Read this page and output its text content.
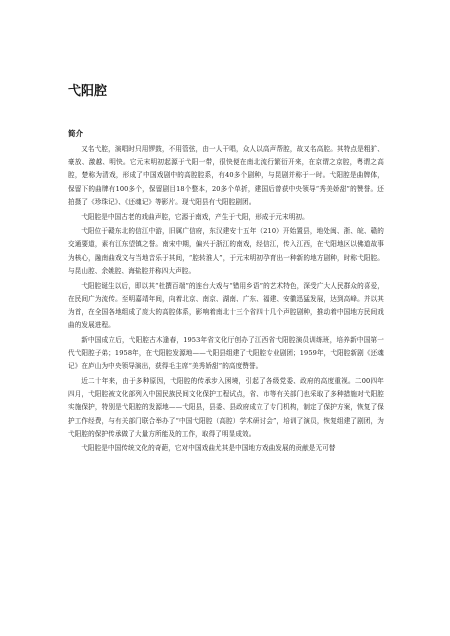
弋阳腔
简介

又名弋腔，演唱时只用锣鼓，不用管弦，由一人干唱，众人以高声帮腔，故又名高腔。其特点是粗犷、豪放、激越、明快。它元末明初起源于弋阳一带，很快便在南北流行繁衍开来，在京谓之京腔，粤谓之高腔，楚称为清戏，形成了中国戏剧中的高腔腔系，有40多个剧种，与昆剧并称于一时。弋阳腔是曲牌体，保留下的曲牌有100多个，保留剧目18个整本，20多个单折，建国后曾获中央领导“秀美娇甜”的赞誉。还拍摄了《珍珠记》、《还魂记》等影片。现弋阳县有弋阳腔剧团。

弋阳腔是中国古老的戏曲声腔，它源于南戏，产生于弋阳，形成于元末明初。

弋阳位于赣东北的信江中游，旧属广信府，东汉建安十五年（210）开始置县，地处闽、浙、皖、赣的交通要道，素有江东望镇之誉。南宋中期，偏兴于浙江的南戏，经信江，传入江西，在弋阳地区以佛道故事为核心，融南曲戏文与当地音乐于其间，“腔转淮人”，于元末明初孕育出一种新的地方剧种，时称弋阳腔。与昆山腔、余姚腔、海盐腔并称四大声腔。

弋阳腔诞生以后，即以其“杜撰百端”的连台大戏与“错用乡语”的艺术特色，深受广大人民群众的喜爱，在民间广为流传。至明嘉靖年间，向着北京、南京、湖南、广东、福建、安徽迅猛发展，达到高峰。并以其为首，在全国各地组成了庞大的高腔体系，影响着南北十三个省四十几个声腔剧种，推动着中国地方民间戏曲的发展进程。

新中国成立后，弋阳腔古木逢春，1953年省文化厅创办了江西省弋阳腔演员训练班，培养新中国第一代弋阳腔子弟；1958年，在弋阳腔发源地——弋阳县组建了弋阳腔专业剧团；1959年，弋阳腔新剧《还魂记》在庐山为中央领导演出，获得毛主席“美秀娇甜”的高度赞誉。

近二十年来，由于多种原因，弋阳腔的传承步入困境，引起了各级党委、政府的高度重视。二00四年四月，弋阳腔被文化部列入中国民族民间文化保护工程试点，省、市等有关部门也采取了多种措施对弋阳腔实施保护，特别是弋阳腔的发源地——弋阳县，县委、县政府成立了专门机构，制定了保护方案，恢复了保护工作经费，与有关部门联合举办了“中国弋阳腔（高腔）学术研讨会”，培训了演员，恢复组建了剧团，为弋阳腔的保护传承做了大量方所能及的工作，取得了明显成效。

弋阳腔是中国传统文化的奇葩，它对中国戏曲尤其是中国地方戏曲发展的贡献是无可替
